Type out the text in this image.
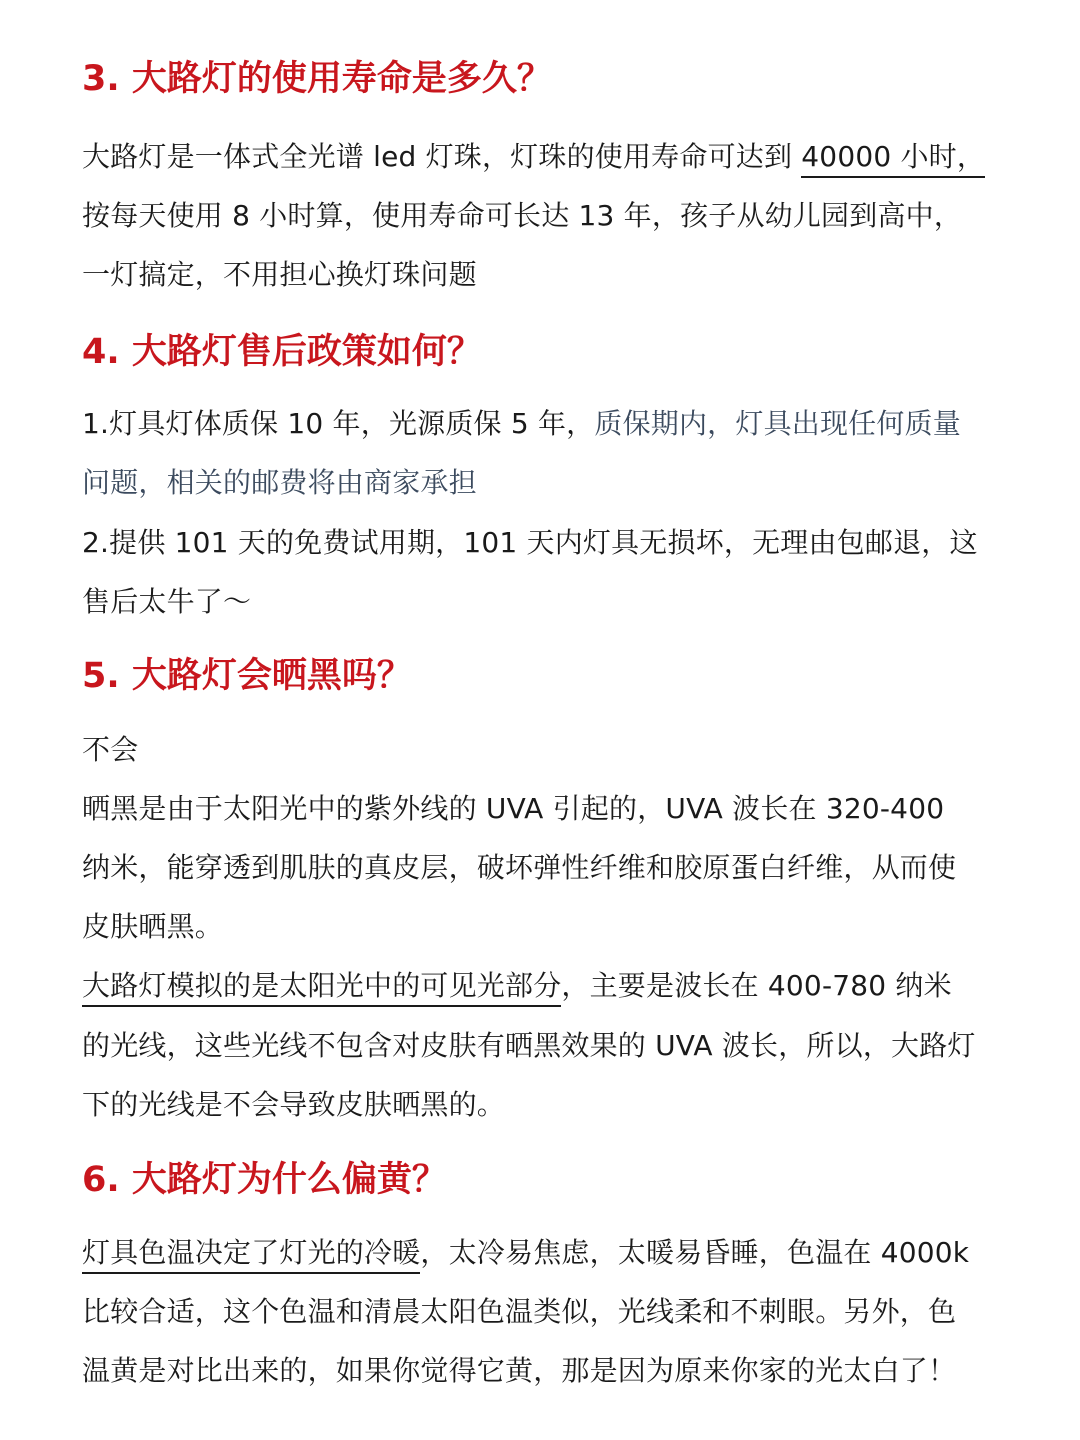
3. 大路灯的使用寿命是多久？

大路灯是一体式全光谱 led 灯珠，灯珠的使用寿命可达到 40000 小时，

按每天使用 8 小时算，使用寿命可长达 13 年，孩子从幼儿园到高中，

一灯搞定，不用担心换灯珠问题

4. 大路灯售后政策如何？

1.灯具灯体质保 10 年，光源质保 5 年，质保期内，灯具出现任何质量

问题，相关的邮费将由商家承担

2.提供 101 天的免费试用期，101 天内灯具无损坏，无理由包邮退，这

售后太牛了～

5. 大路灯会晒黑吗？

不会

晒黑是由于太阳光中的紫外线的 UVA 引起的，UVA 波长在 320-400

纳米，能穿透到肌肤的真皮层，破坏弹性纤维和胶原蛋白纤维，从而使

皮肤晒黑。

大路灯模拟的是太阳光中的可见光部分，主要是波长在 400-780 纳米

的光线，这些光线不包含对皮肤有晒黑效果的 UVA 波长，所以，大路灯

下的光线是不会导致皮肤晒黑的。

6. 大路灯为什么偏黄？

灯具色温决定了灯光的冷暖，太冷易焦虑，太暖易昏睡，色温在 4000k

比较合适，这个色温和清晨太阳色温类似，光线柔和不刺眼。另外，色

温黄是对比出来的，如果你觉得它黄，那是因为原来你家的光太白了！
